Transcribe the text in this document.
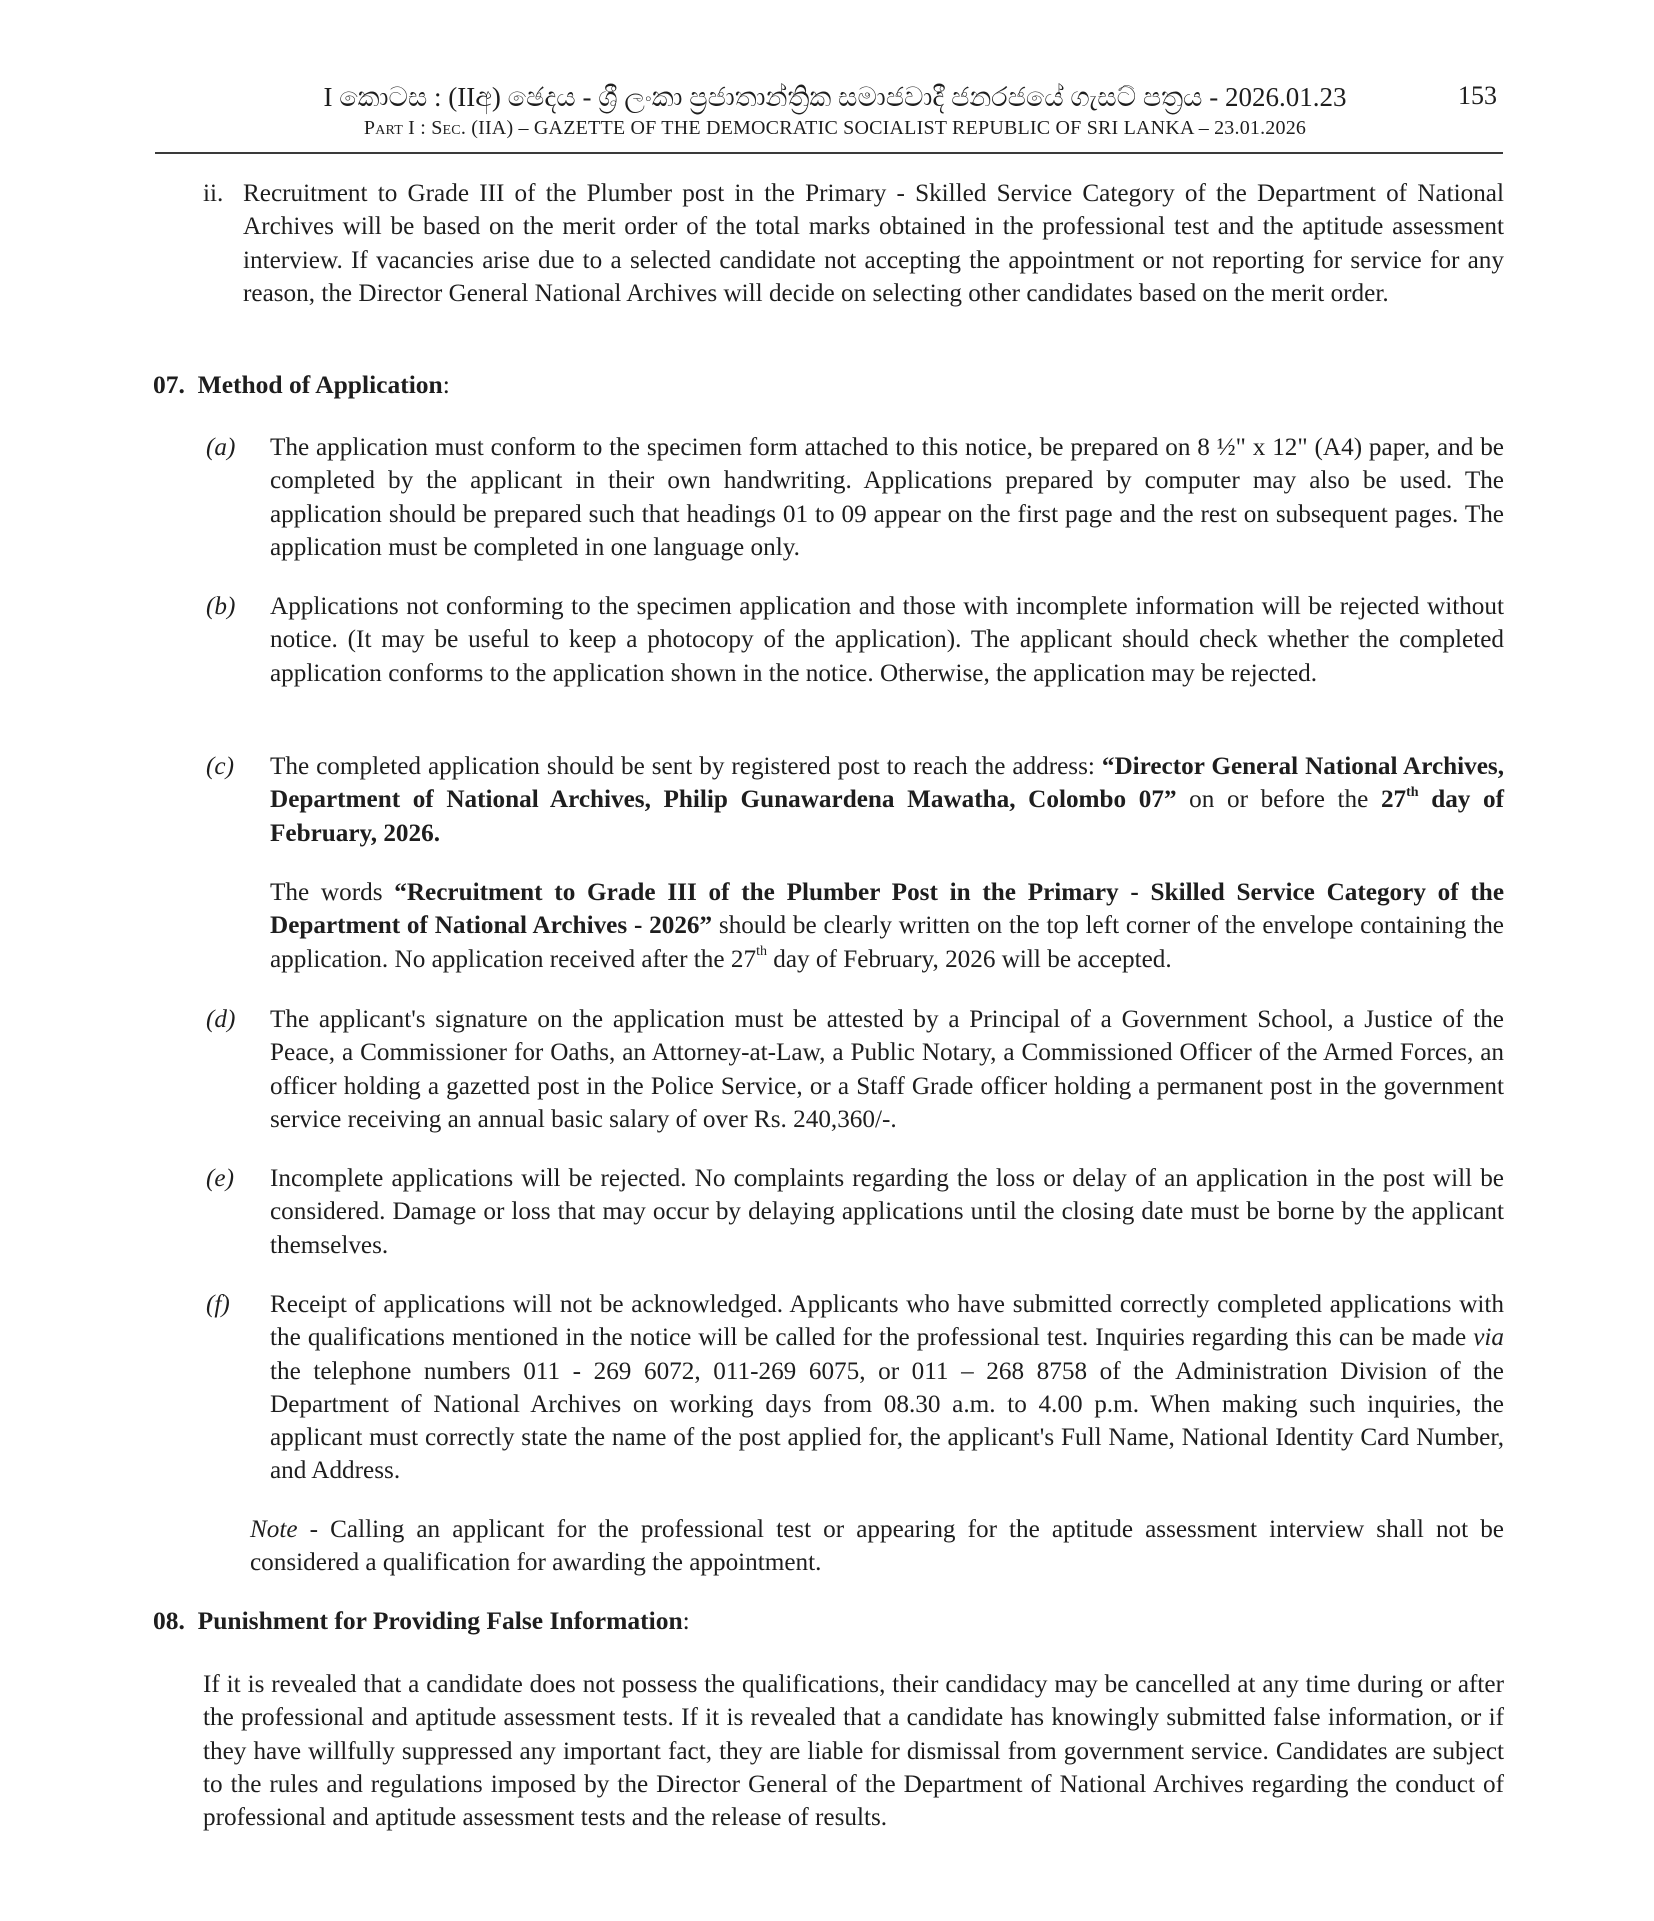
I කොටස : (IIඅ) ඡෙදය - ශ්‍රී ලංකා ප්‍රජාතාන්ත්‍රික සමාජවාදී ජනරජයේ ගැසට් පත්‍රය - 2026.01.23
Part I : Sec. (IIA) – GAZETTE OF THE DEMOCRATIC SOCIALIST REPUBLIC OF SRI LANKA – 23.01.2026
153
ii. Recruitment to Grade III of the Plumber post in the Primary - Skilled Service Category of the Department of National Archives will be based on the merit order of the total marks obtained in the professional test and the aptitude assessment interview. If vacancies arise due to a selected candidate not accepting the appointment or not reporting for service for any reason, the Director General National Archives will decide on selecting other candidates based on the merit order.
07. Method of Application:
(a) The application must conform to the specimen form attached to this notice, be prepared on 8 ½" x 12" (A4) paper, and be completed by the applicant in their own handwriting. Applications prepared by computer may also be used. The application should be prepared such that headings 01 to 09 appear on the first page and the rest on subsequent pages. The application must be completed in one language only.
(b) Applications not conforming to the specimen application and those with incomplete information will be rejected without notice. (It may be useful to keep a photocopy of the application). The applicant should check whether the completed application conforms to the application shown in the notice. Otherwise, the application may be rejected.
(c) The completed application should be sent by registered post to reach the address: “Director General National Archives, Department of National Archives, Philip Gunawardena Mawatha, Colombo 07” on or before the 27th day of February, 2026.
The words “Recruitment to Grade III of the Plumber Post in the Primary - Skilled Service Category of the Department of National Archives - 2026” should be clearly written on the top left corner of the envelope containing the application. No application received after the 27th day of February, 2026 will be accepted.
(d) The applicant's signature on the application must be attested by a Principal of a Government School, a Justice of the Peace, a Commissioner for Oaths, an Attorney-at-Law, a Public Notary, a Commissioned Officer of the Armed Forces, an officer holding a gazetted post in the Police Service, or a Staff Grade officer holding a permanent post in the government service receiving an annual basic salary of over Rs. 240,360/-.
(e) Incomplete applications will be rejected. No complaints regarding the loss or delay of an application in the post will be considered. Damage or loss that may occur by delaying applications until the closing date must be borne by the applicant themselves.
(f) Receipt of applications will not be acknowledged. Applicants who have submitted correctly completed applications with the qualifications mentioned in the notice will be called for the professional test. Inquiries regarding this can be made via the telephone numbers 011 - 269 6072, 011-269 6075, or 011 – 268 8758 of the Administration Division of the Department of National Archives on working days from 08.30 a.m. to 4.00 p.m. When making such inquiries, the applicant must correctly state the name of the post applied for, the applicant's Full Name, National Identity Card Number, and Address.
Note - Calling an applicant for the professional test or appearing for the aptitude assessment interview shall not be considered a qualification for awarding the appointment.
08. Punishment for Providing False Information:
If it is revealed that a candidate does not possess the qualifications, their candidacy may be cancelled at any time during or after the professional and aptitude assessment tests. If it is revealed that a candidate has knowingly submitted false information, or if they have willfully suppressed any important fact, they are liable for dismissal from government service. Candidates are subject to the rules and regulations imposed by the Director General of the Department of National Archives regarding the conduct of professional and aptitude assessment tests and the release of results.
